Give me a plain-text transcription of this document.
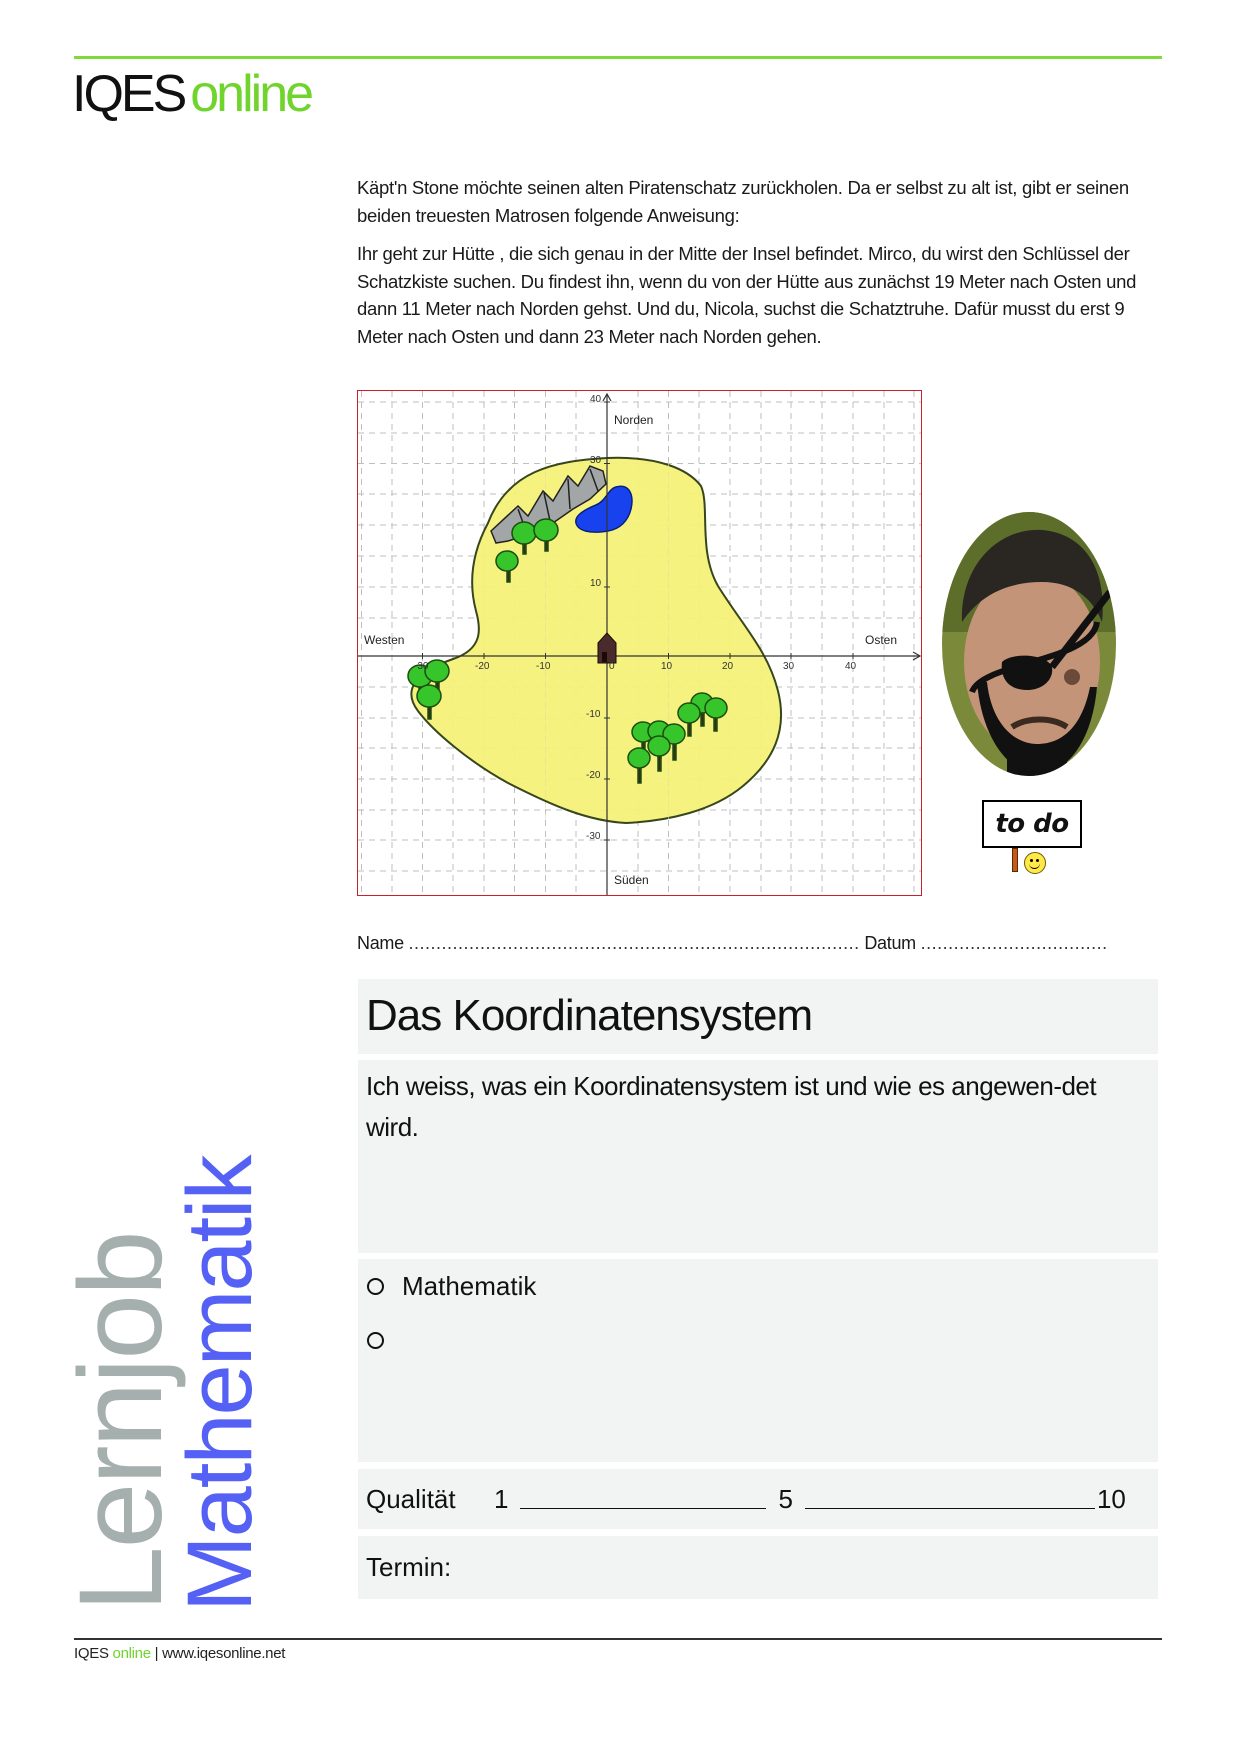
IQES online

Käpt'n Stone möchte seinen alten Piratenschatz zurückholen. Da er selbst zu alt ist, gibt er seinen beiden treuesten Matrosen folgende Anweisung:

Ihr geht zur Hütte , die sich genau in der Mitte der Insel befindet. Mirco, du wirst den Schlüssel der Schatzkiste suchen. Du findest ihn, wenn du von der Hütte aus zunächst 19 Meter nach Osten und dann 11 Meter nach Norden gehst. Und du, Nicola, suchst die Schatztruhe. Dafür musst du erst 9 Meter nach Osten und dann 23 Meter nach Norden gehen.

Norden
Süden
Westen	Osten
-30	-20	-10	0	10	20	30	40
40
30
10
-10
-20
-30	to do
Name .................................................................................. Datum ..................................
Das Koordinatensystem
Ich weiss, was ein Koordinatensystem ist und wie es angewen-det wird.
Mathematik
Qualität	1	5	10
Termin:
Lernjob
Mathematik
IQES online | www.iqesonline.net
